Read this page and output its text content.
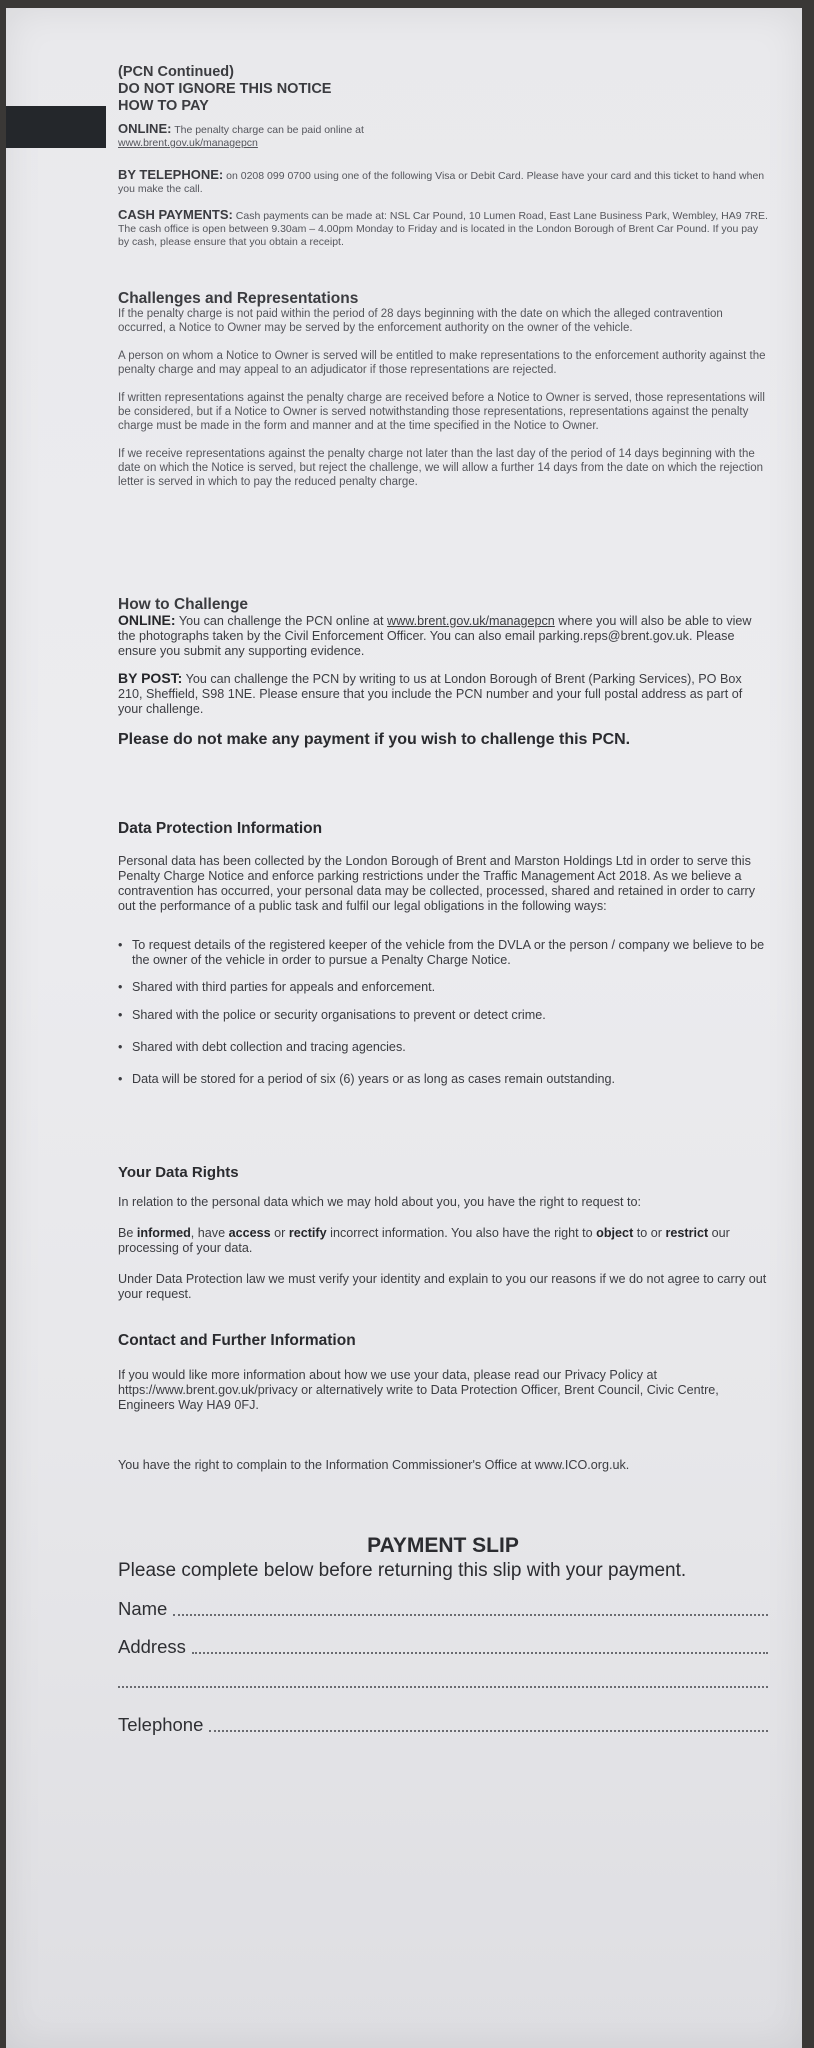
(PCN Continued)

DO NOT IGNORE THIS NOTICE

HOW TO PAY

ONLINE: The penalty charge can be paid online at
www.brent.gov.uk/managepcn
BY TELEPHONE: on 0208 099 0700 using one of the following Visa or Debit Card. Please have your card and this ticket to hand when you make the call.
CASH PAYMENTS: Cash payments can be made at: NSL Car Pound, 10 Lumen Road, East Lane Business Park, Wembley, HA9 7RE. The cash office is open between 9.30am – 4.00pm Monday to Friday and is located in the London Borough of Brent Car Pound. If you pay by cash, please ensure that you obtain a receipt.

Challenges and Representations

If the penalty charge is not paid within the period of 28 days beginning with the date on which the alleged contravention occurred, a Notice to Owner may be served by the enforcement authority on the owner of the vehicle.

A person on whom a Notice to Owner is served will be entitled to make representations to the enforcement authority against the penalty charge and may appeal to an adjudicator if those representations are rejected.

If written representations against the penalty charge are received before a Notice to Owner is served, those representations will be considered, but if a Notice to Owner is served notwithstanding those representations, representations against the penalty charge must be made in the form and manner and at the time specified in the Notice to Owner.

If we receive representations against the penalty charge not later than the last day of the period of 14 days beginning with the date on which the Notice is served, but reject the challenge, we will allow a further 14 days from the date on which the rejection letter is served in which to pay the reduced penalty charge.

How to Challenge

ONLINE: You can challenge the PCN online at www.brent.gov.uk/managepcn where you will also be able to view the photographs taken by the Civil Enforcement Officer. You can also email parking.reps@brent.gov.uk. Please ensure you submit any supporting evidence.

BY POST: You can challenge the PCN by writing to us at London Borough of Brent (Parking Services), PO Box 210, Sheffield, S98 1NE. Please ensure that you include the PCN number and your full postal address as part of your challenge.

Please do not make any payment if you wish to challenge this PCN.

Data Protection Information

Personal data has been collected by the London Borough of Brent and Marston Holdings Ltd in order to serve this Penalty Charge Notice and enforce parking restrictions under the Traffic Management Act 2018. As we believe a contravention has occurred, your personal data may be collected, processed, shared and retained in order to carry out the performance of a public task and fulfil our legal obligations in the following ways:

• To request details of the registered keeper of the vehicle from the DVLA or the person / company we believe to be the owner of the vehicle in order to pursue a Penalty Charge Notice.
• Shared with third parties for appeals and enforcement.
• Shared with the police or security organisations to prevent or detect crime.
• Shared with debt collection and tracing agencies.
• Data will be stored for a period of six (6) years or as long as cases remain outstanding.

Your Data Rights

In relation to the personal data which we may hold about you, you have the right to request to:

Be informed, have access or rectify incorrect information. You also have the right to object to or restrict our processing of your data.

Under Data Protection law we must verify your identity and explain to you our reasons if we do not agree to carry out your request.

Contact and Further Information

If you would like more information about how we use your data, please read our Privacy Policy at https://www.brent.gov.uk/privacy or alternatively write to Data Protection Officer, Brent Council, Civic Centre, Engineers Way HA9 0FJ.

You have the right to complain to the Information Commissioner's Office at www.ICO.org.uk.

PAYMENT SLIP
Please complete below before returning this slip with your payment.
Name
Address
Telephone
